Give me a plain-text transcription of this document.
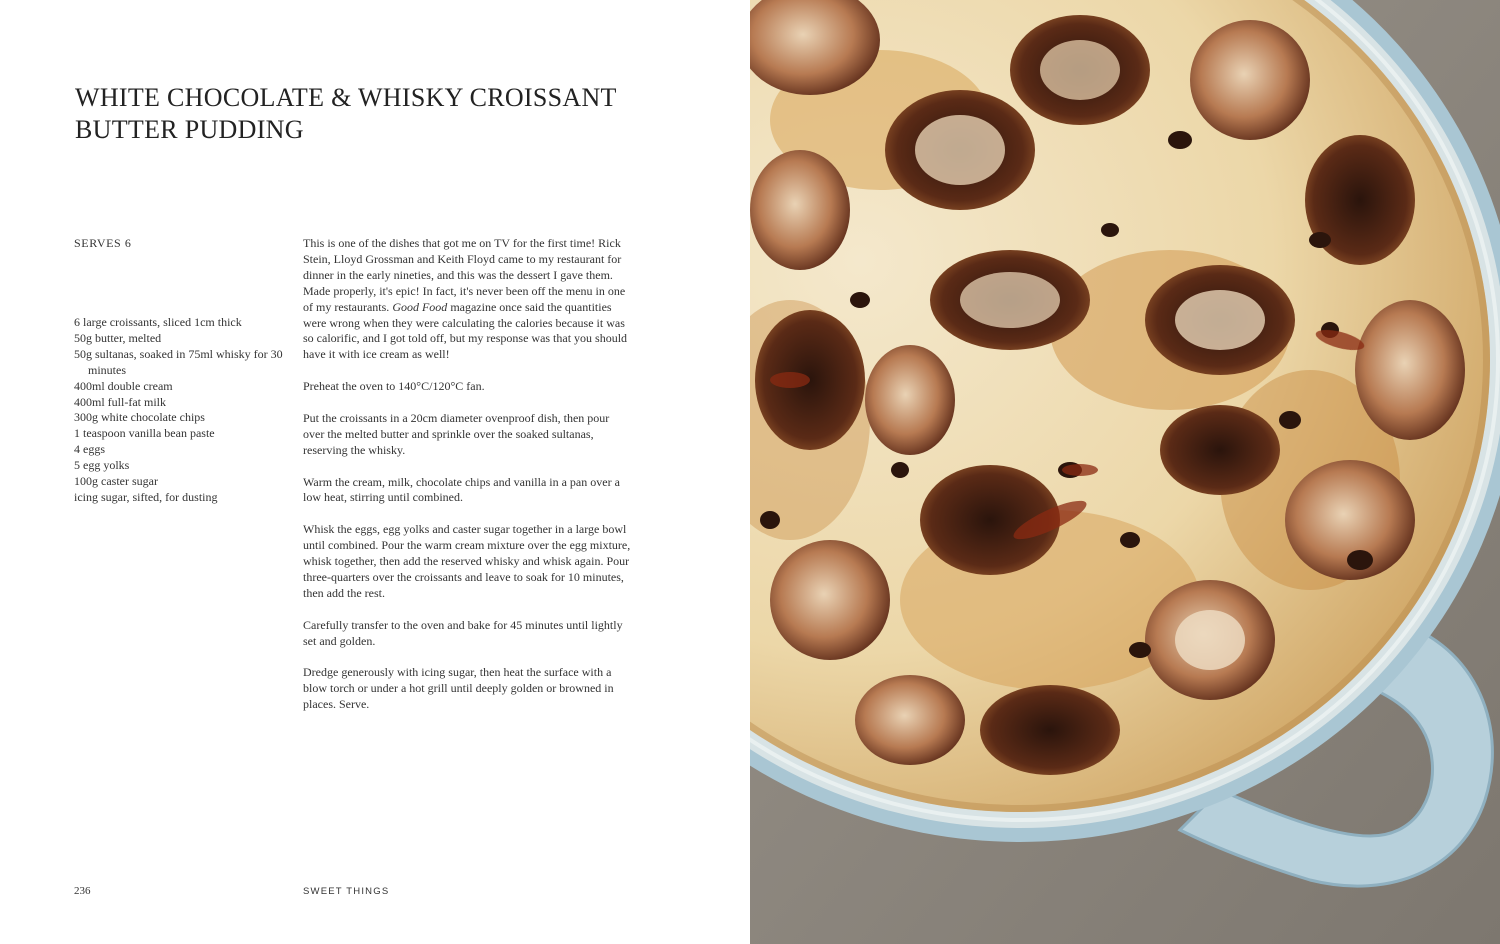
WHITE CHOCOLATE & WHISKY CROISSANT
BUTTER PUDDING
SERVES 6
6 large croissants, sliced 1cm thick
50g butter, melted
50g sultanas, soaked in 75ml whisky for 30 minutes
400ml double cream
400ml full-fat milk
300g white chocolate chips
1 teaspoon vanilla bean paste
4 eggs
5 egg yolks
100g caster sugar
icing sugar, sifted, for dusting

This is one of the dishes that got me on TV for the first time! Rick Stein, Lloyd Grossman and Keith Floyd came to my restaurant for dinner in the early nineties, and this was the dessert I gave them. Made properly, it's epic! In fact, it's never been off the menu in one of my restaurants. Good Food magazine once said the quantities were wrong when they were calculating the calories because it was so calorific, and I got told off, but my response was that you should have it with ice cream as well!

Preheat the oven to 140°C/120°C fan.

Put the croissants in a 20cm diameter ovenproof dish, then pour over the melted butter and sprinkle over the soaked sultanas, reserving the whisky.

Warm the cream, milk, chocolate chips and vanilla in a pan over a low heat, stirring until combined.

Whisk the eggs, egg yolks and caster sugar together in a large bowl until combined. Pour the warm cream mixture over the egg mixture, whisk together, then add the reserved whisky and whisk again. Pour three-quarters over the croissants and leave to soak for 10 minutes, then add the rest.

Carefully transfer to the oven and bake for 45 minutes until lightly set and golden.

Dredge generously with icing sugar, then heat the surface with a blow torch or under a hot grill until deeply golden or browned in places. Serve.

236	SWEET THINGS
